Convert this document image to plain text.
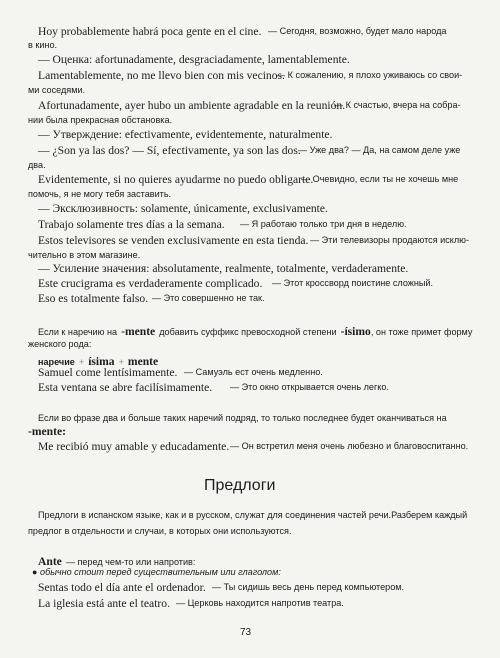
Hoy probablemente habrá poca gente en el cine. — Сегодня, возможно, будет мало народа
в кино.
— Оценка: afortunadamente, desgraciadamente, lamentablemente.
Lamentablemente, no me llevo bien con mis vecinos.
— К сожалению, я плохо уживаюсь со свои-
ми соседями.
Afortunadamente, ayer hubo un ambiente agradable en la reunión.
— К счастью, вчера на собра-
нии была прекрасная обстановка.
— Утверждение: efectivamente, evidentemente, naturalmente.
— ¿Son ya las dos? — Sí, efectivamente, ya son las dos.
— Уже два? — Да, на самом деле уже
два.
Evidentemente, si no quieres ayudarme no puedo obligarte.
— Очевидно, если ты не хочешь мне
помочь, я не могу тебя заставить.
— Эксклюзивность: solamente, únicamente, exclusivamente.
Trabajo solamente tres días a la semana. — Я работаю только три дня в неделю.
Estos televisores se venden exclusivamente en esta tienda. — Эти телевизоры продаются исклю-
чительно в этом магазине.
— Усиление значения: absolutamente, realmente, totalmente, verdaderamente.
Este crucigrama es verdaderamente complicado. — Этот кроссворд поистине сложный.
Eso es totalmente falso. — Это совершенно не так.
Если к наречию на -mente добавить суффикс превосходной степени -ísimo, он тоже примет форму
женского рода:
наречие + ísima + mente
Samuel come lentísimamente. — Самуэль ест очень медленно.
Esta ventana se abre facilísimamente. — Это окно открывается очень легко.
Если во фразе два и больше таких наречий подряд, то только последнее будет оканчиваться на
-mente:
Me recibió muy amable y educadamente. — Он встретил меня очень любезно и благовоспитанно.
Предлоги
Предлоги в испанском языке, как и в русском, служат для соединения частей речи.Разберем каждый
предлог в отдельности и случаи, в которых они используются.
Ante — перед чем-то или напротив:
● обычно стоит перед существительным или глаголом:
Sentas todo el día ante el ordenador. — Ты сидишь весь день перед компьютером.
La iglesia está ante el teatro. — Церковь находится напротив театра.
73
